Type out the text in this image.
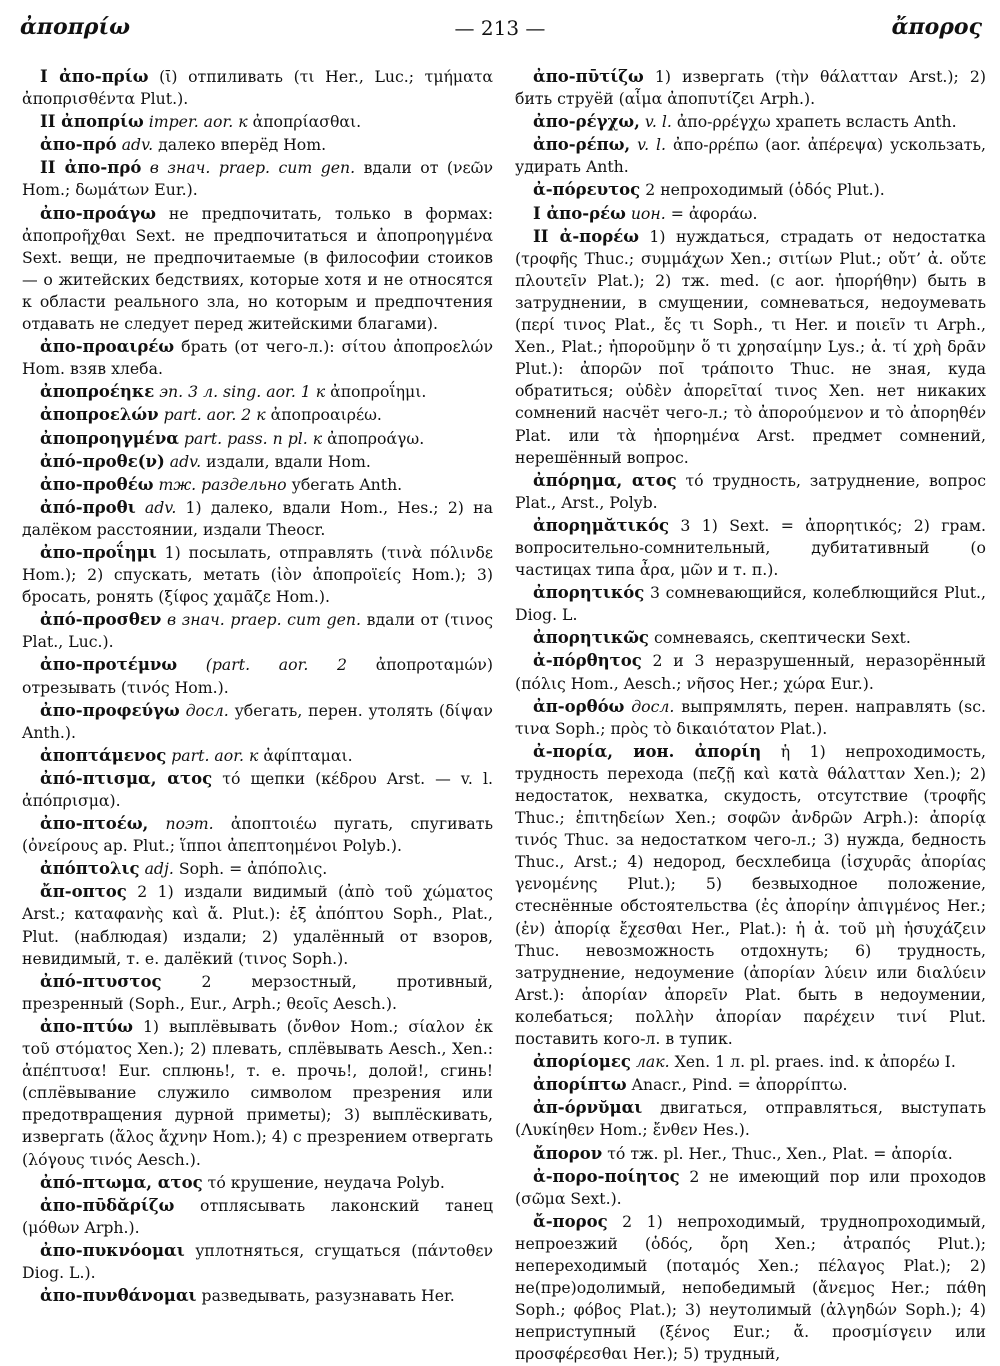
ἀποπρίω	— 213 —	ἄπορος

I ἀπο-πρίω (ῑ) отпиливать (τι Her., Luc.; τμήματα ἀποπρισθέντα Plut.).

II ἀποπρίω imper. aor. к ἀποπρίασθαι.

ἀπο-πρό adv. далеко вперёд Hom.

II ἀπο-πρό в знач. praep. cum gen. вдали от (νεῶν Hom.; δωμάτων Eur.).

ἀπο-προάγω не предпочитать, только в формах: ἀποπροῆχθαι Sext. не предпочитаться и ἀποπροηγμένα Sext. вещи, не предпочитаемые (в философии стоиков — о житейских бедствиях, которые хотя и не относятся к области реального зла, но которым и предпочтения отдавать не следует перед житейскими благами).

ἀπο-προαιρέω брать (от чего-л.): σίτου ἀποπροελών Hom. взяв хлеба.

ἀποπροέηκε эп. 3 л. sing. aor. 1 к ἀποπροΐημι.

ἀποπροελών part. aor. 2 к ἀποπροαιρέω.

ἀποπροηγμένα part. pass. n pl. к ἀποπροάγω.

ἀπό-προθε(ν) adv. издали, вдали Hom.

ἀπο-προθέω тж. раздельно убегать Anth.

ἀπό-προθι adv. 1) далеко, вдали Hom., Hes.; 2) на далёком расстоянии, издали Theocr.

ἀπο-προΐημι 1) посылать, отправлять (τινὰ πόλινδε Hom.); 2) спускать, метать (ἰὸν ἀποπροϊείς Hom.); 3) бросать, ронять (ξίφος χαμᾶζε Hom.).

ἀπό-προσθεν в знач. praep. cum gen. вдали от (τινος Plat., Luc.).

ἀπο-προτέμνω (part. aor. 2 ἀποπροταμών) отрезывать (τινός Hom.).

ἀπο-προφεύγω досл. убегать, перен. утолять (δίψαν Anth.).

ἀποπτάμενος part. aor. к ἀφίπταμαι.

ἀπό-πτισμα, ατος τό щепки (κέδρου Arst. — v. l. ἀπόπρισμα).

ἀπο-πτοέω, поэт. ἀποπτοιέω пугать, спугивать (ὀνείρους ap. Plut.; ἵπποι ἀπεπτοημένοι Polyb.).

ἀπόπτολις adj. Soph. = ἀπόπολις.

ἄπ-οπτος 2 1) издали видимый (ἀπὸ τοῦ χώματος Arst.; καταφανὴς καὶ ἄ. Plut.): ἐξ ἀπόπτου Soph., Plat., Plut. (наблюдая) издали; 2) удалённый от взоров, невидимый, т. е. далёкий (τινος Soph.).

ἀπό-πτυστος	2 мерзостный, противный, презренный (Soph., Eur., Arph.; θεοῖς Aesch.).

ἀπο-πτύω 1) выплёвывать (ὄνθον Hom.; σίαλον ἐκ τοῦ στόματος Xen.); 2) плевать, сплёвывать Aesch., Xen.: ἀπέπτυσα! Eur. сплюнь!, т. е. прочь!, долой!, сгинь! (сплёвывание служило символом презрения или предотвращения дурной приметы); 3) выплёскивать, извергать (ἅλος ἄχνην Hom.); 4) с презрением отвергать (λόγους τινός Aesch.).

ἀπό-πτωμα, ατος τό крушение, неудача Polyb.

ἀπο-πῡδᾰρίζω отплясывать лаконский танец (μόθων Arph.).

ἀπο-πυκνόομαι уплотняться, сгущаться (πάντοθεν Diog. L.).

ἀπο-πυνθάνομαι разведывать, разузнавать Her.

ἀπο-πῡτίζω 1) извергать (τὴν θάλατταν Arst.); 2) бить струёй (αἷμα ἀποπυτίζει Arph.).

ἀπο-ρέγχω, v. l. ἀπο-ρρέγχω храпеть всласть Anth.

ἀπο-ρέπω, v. l. ἀπο-ρρέπω (aor. ἀπέρεψα) ускользать, удирать Anth.

ἀ-πόρευτος 2 непроходимый (ὁδός Plut.).

I ἀπο-ρέω ион. = ἀφοράω.

II ἀ-πορέω 1) нуждаться, страдать от недостатка (τροφῆς Thuc.; συμμάχων Xen.; σιτίων Plut.; οὔτ’ ἀ. οὔτε πλουτεῖν Plat.); 2) тж. med. (с aor. ἠπορήθην) быть в затруднении, в смущении, сомневаться, недоумевать (περί τινος Plat., ἔς τι Soph., τι Her. и ποιεῖν τι Arph., Xen., Plat.; ἠποροῦμην ὅ τι χρησαίμην Lys.; ἀ. τί χρὴ δρᾶν Plut.): ἀπορῶν ποῖ τράποιτο Thuc. не зная, куда обратиться; οὐδὲν ἀπορεῖταί τινος Xen. нет никаких сомнений насчёт чего-л.; τὸ ἀπορούμενον и τὸ ἀπορηθέν Plat. или τὰ ἠπορημένα Arst. предмет сомнений, нерешённый вопрос.

ἀπόρημα, ατος τό трудность, затруднение, вопрос Plat., Arst., Polyb.

ἀπορημᾰτικός 3 1) Sext. = ἀπορητικός; 2) грам. вопросительно-сомнительный, дубитативный (о частицах типа ἆρα, μῶν и т. п.).

ἀπορητικός 3 сомневающийся, колеблющийся Plut., Diog. L.

ἀπορητικῶς сомневаясь, скептически Sext.

ἀ-πόρθητος 2 и 3 неразрушенный, неразорённый (πόλις Hom., Aesch.; νῆσος Her.; χώρα Eur.).

ἀπ-ορθόω досл. выпрямлять, перен. направлять (sc. τινα Soph.; πρὸς τὸ δικαιότατον Plat.).

ἀ-πορία, ион. ἀπορίη ἡ 1) непроходимость, трудность перехода (πεζῇ καὶ κατὰ θάλατταν Xen.); 2) недостаток, нехватка, скудость, отсутствие (τροφῆς Thuc.; ἐπιτηδείων Xen.; σοφῶν ἀνδρῶν Arph.): ἀπορίᾳ τινός Thuc. за недостатком чего-л.; 3) нужда, бедность Thuc., Arst.; 4) недород, бесхлебица (ἰσχυρᾶς ἀπορίας γενομένης Plut.); 5) безвыходное положение, стеснённые обстоятельства (ἐς ἀπορίην ἀπιγμένος Her.; (ἐν) ἀπορίᾳ ἔχεσθαι Her., Plat.): ἡ ἀ. τοῦ μὴ ἡσυχάζειν Thuc. невозможность отдохнуть; 6) трудность, затруднение, недоумение (ἀπορίαν λύειν или διαλύειν Arst.): ἀπορίαν ἀπορεῖν Plat. быть в недоумении, колебаться; πολλὴν ἀπορίαν παρέχειν τινί Plut. поставить кого-л. в тупик.

ἀπορίομες лак. Xen. 1 л. pl. praes. ind. к ἀπορέω I.

ἀπορίπτω Anacr., Pind. = ἀπορρίπτω.

ἀπ-όρνῠμαι двигаться, отправляться, выступать (Λυκίηθεν Hom.; ἔνθεν Hes.).

ἄπορον τό тж. pl. Her., Thuc., Xen., Plat. = ἀπορία.

ἀ-πορο-ποίητος 2 не имеющий пор или проходов (σῶμα Sext.).

ἄ-πορος 2 1) непроходимый, труднопроходимый, непроезжий (ὁδός, ὄρη Xen.; ἀτραπός Plut.); непереходимый (ποταμός Xen.; πέλαγος Plat.); 2) не(пре)одолимый, непобедимый (ἄνεμος Her.; πάθη Soph.; φόβος Plat.); 3) неутолимый (ἀλγηδών Soph.); 4) неприступный (ξένος Eur.; ἄ. προσμίσγειν или προσφέρεσθαι Her.); 5) трудный,
